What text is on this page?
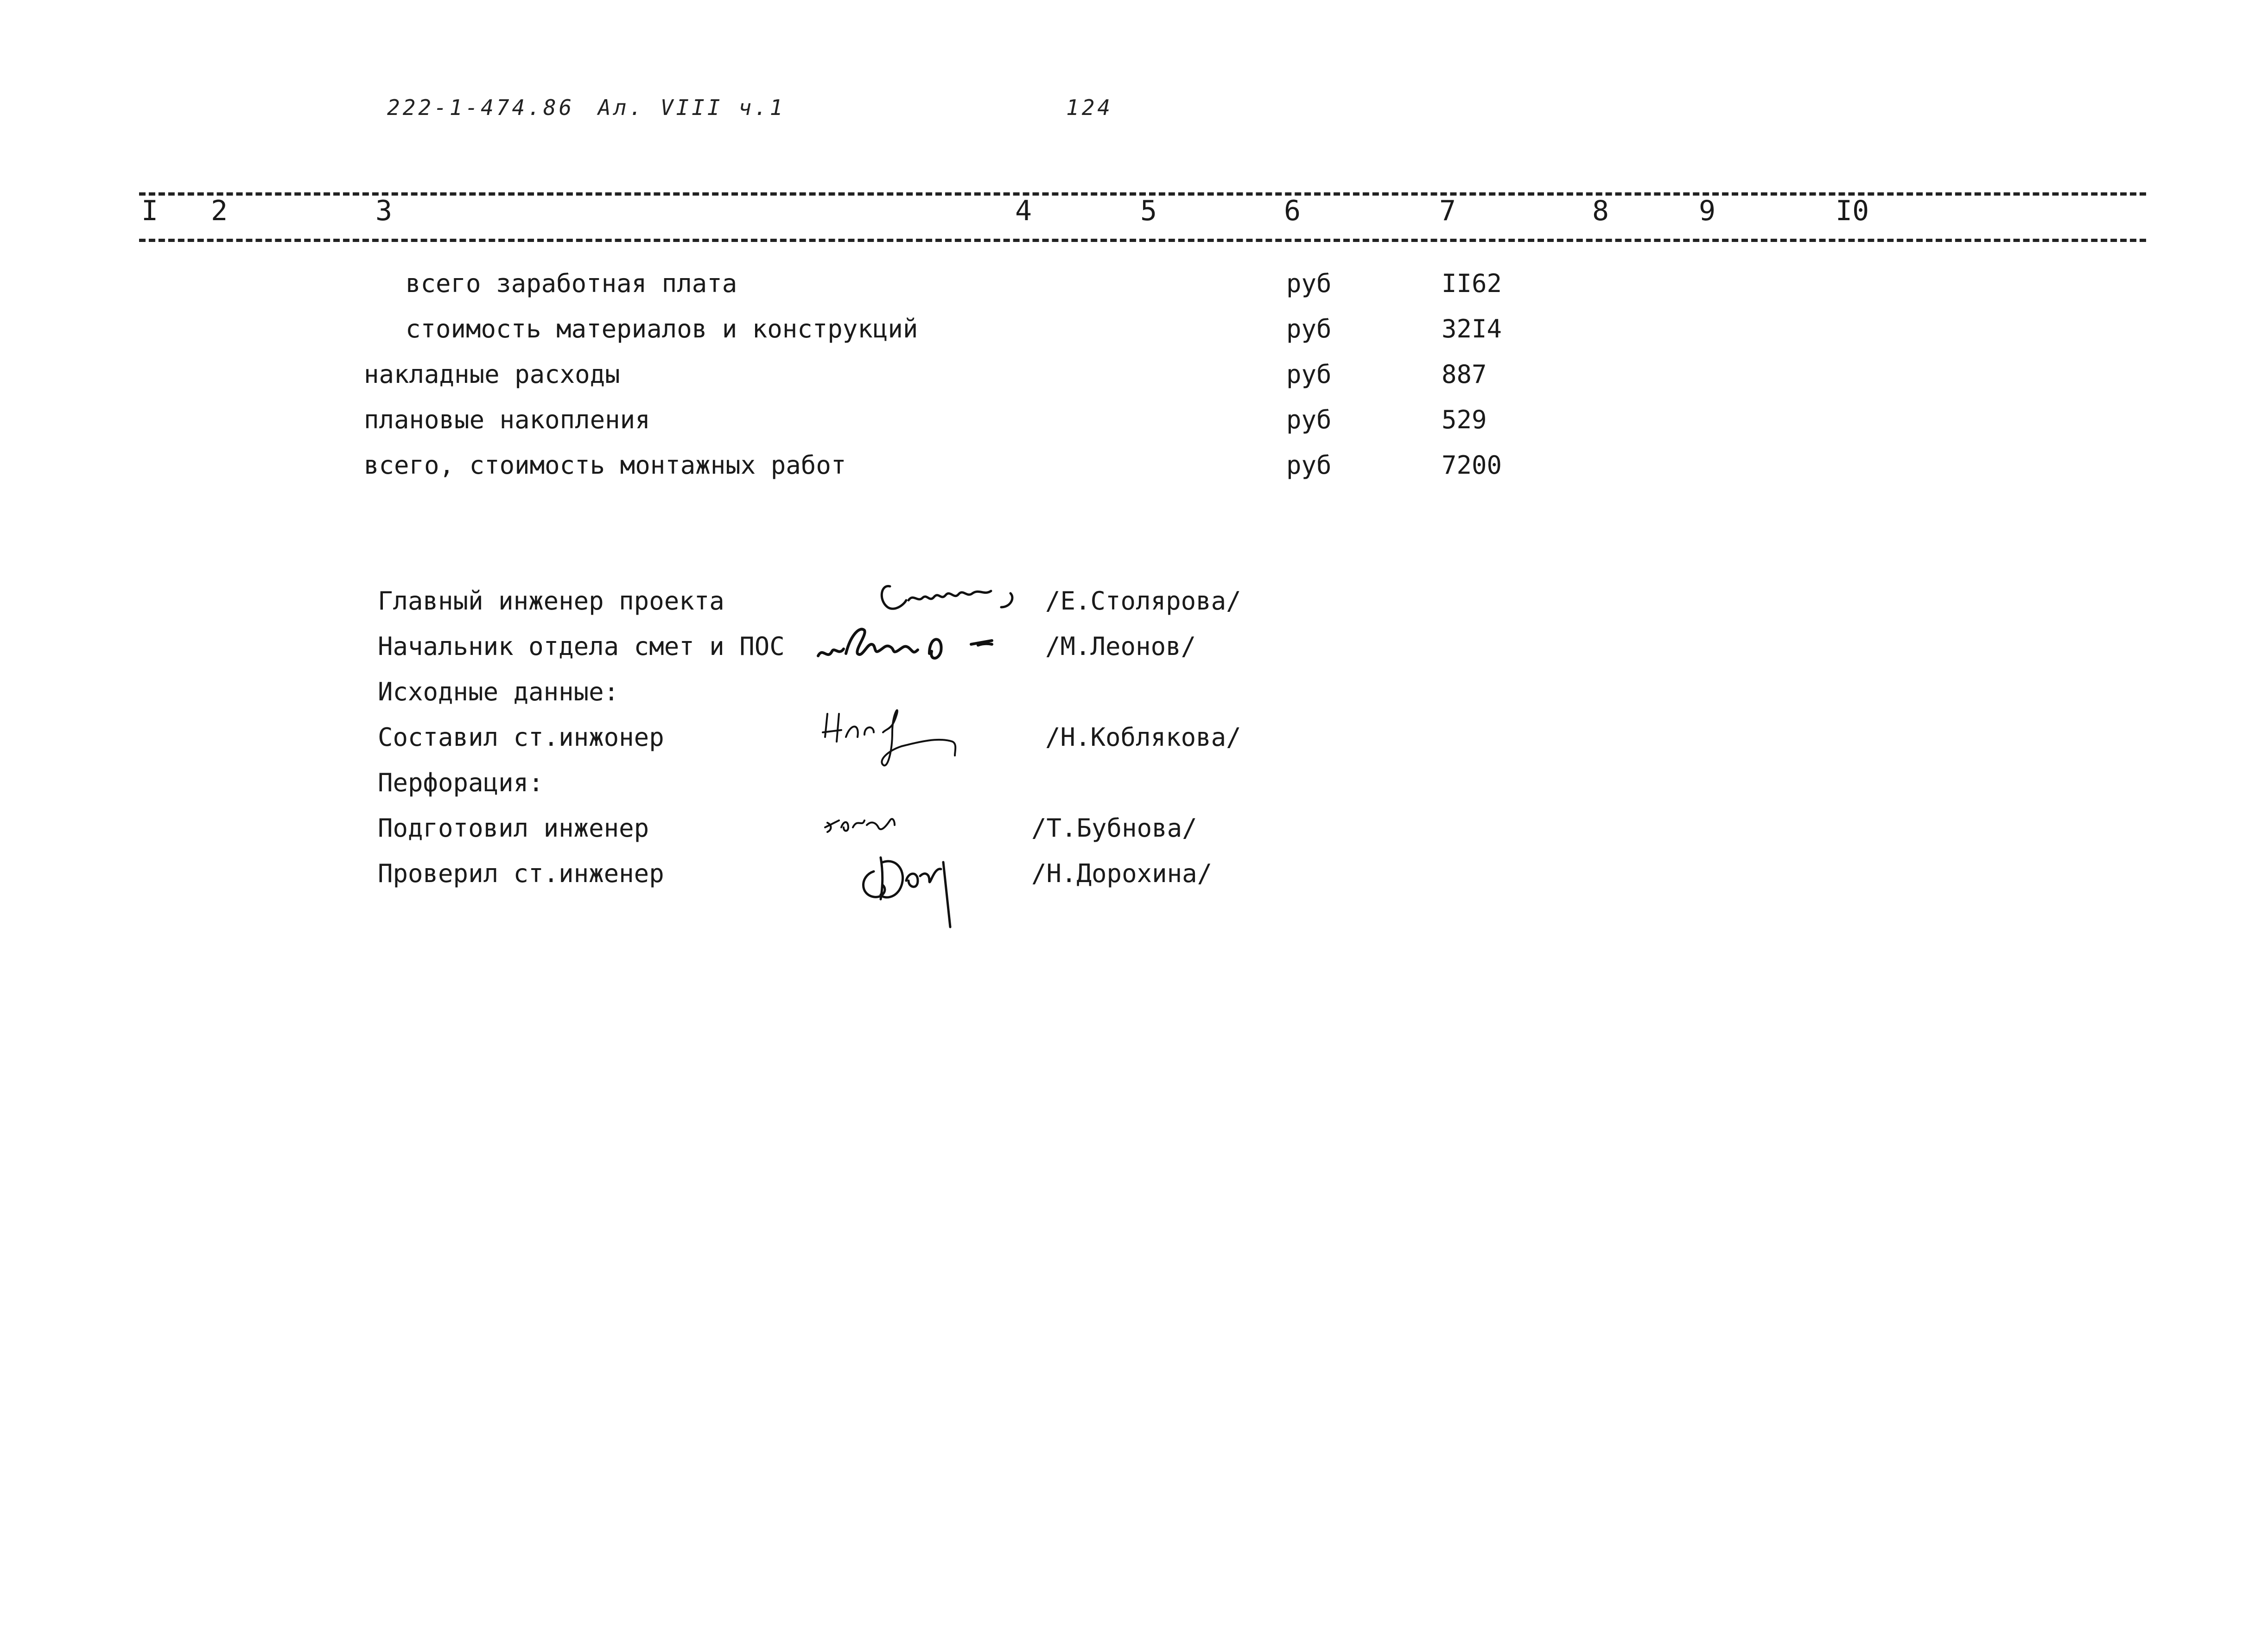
222-1-474.86 Ал. VIII ч.1	124
I 2	3	4	5	6	7	8	9	I0
всего заработная плата	руб	II62
стоимость материалов и конструкций	руб	32I4
накладные расходы	руб	887
плановые накопления	руб	529
всего, стоимость монтажных работ	руб	7200
Главный инженер проекта	/Е.Столярова/
Начальник отдела смет и ПОС	/М.Леонов/
Исходные данные:
Составил ст.инжонер	/Н.Коблякова/
Перфорация:
Подготовил инженер	/Т.Бубнова/
Проверил ст.инженер	/Н.Дорохина/
